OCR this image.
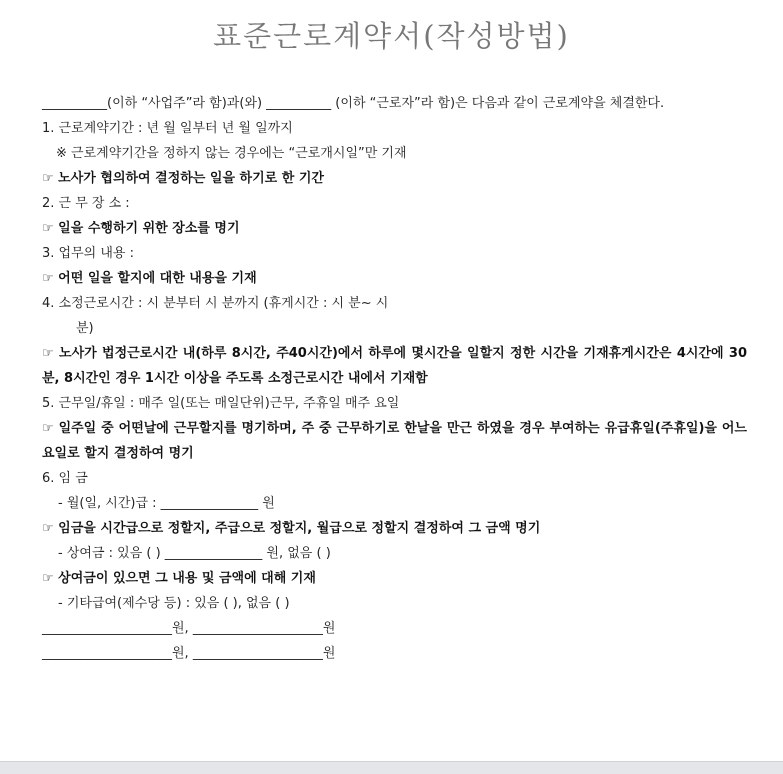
표준근로계약서(작성방법)
__________(이하 “사업주”라 함)과(와) __________ (이하 “근로자”라 함)은 다음과 같이 근로계약을 체결한다.
1. 근로계약기간 : 년 월 일부터 년 월 일까지
※ 근로계약기간을 정하지 않는 경우에는 “근로개시일”만 기재
☞ 노사가 협의하여 결정하는 일을 하기로 한 기간
2. 근 무 장 소 :
☞ 일을 수행하기 위한 장소를 명기
3. 업무의 내용 :
☞ 어떤 일을 할지에 대한 내용을 기재
4. 소정근로시간 : 시 분부터 시 분까지 (휴게시간 : 시 분~ 시
분)
☞ 노사가 법정근로시간 내(하루 8시간, 주40시간)에서 하루에 몇시간을 일할지 정한 시간을 기재휴게시간은 4시간에 30분, 8시간인 경우 1시간 이상을 주도록 소정근로시간 내에서 기재함
5. 근무일/휴일 : 매주 일(또는 매일단위)근무, 주휴일 매주 요일
☞ 일주일 중 어떤날에 근무할지를 명기하며, 주 중 근무하기로 한날을 만근 하였을 경우 부여하는 유급휴일(주휴일)을 어느 요일로 할지 결정하여 명기
6. 임 금
- 월(일, 시간)급 : _______________ 원
☞ 임금을 시간급으로 정할지, 주급으로 정할지, 월급으로 정할지 결정하여 그 금액 명기
- 상여금 : 있음 ( ) _______________ 원, 없음 ( )
☞ 상여금이 있으면 그 내용 및 금액에 대해 기재
- 기타급여(제수당 등) : 있음 ( ), 없음 ( )
____________________원, ____________________원
____________________원, ____________________원
